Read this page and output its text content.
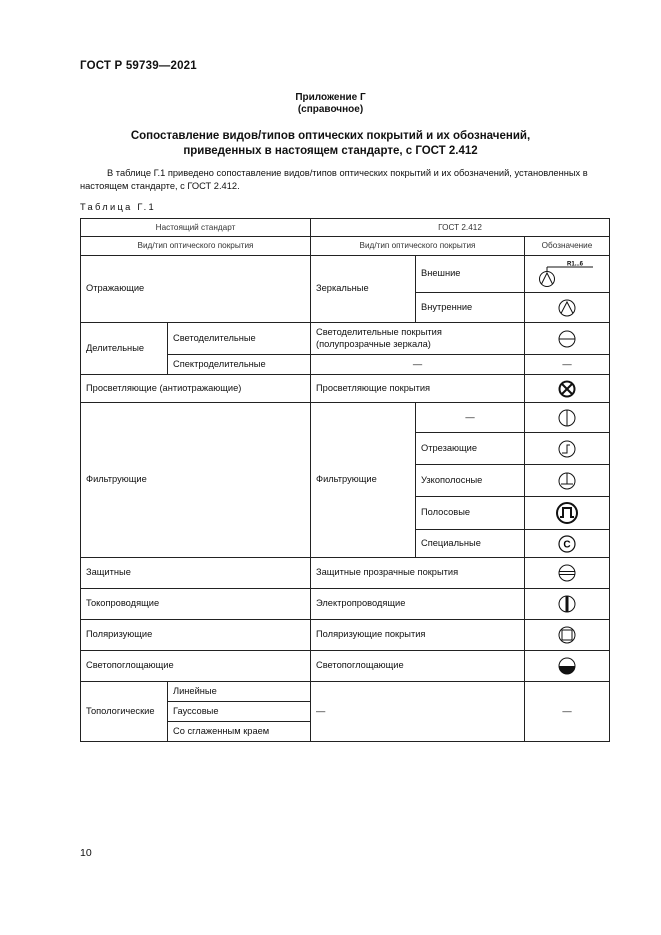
ГОСТ Р 59739—2021
Приложение Г
(справочное)
Сопоставление видов/типов оптических покрытий и их обозначений,
приведенных в настоящем стандарте, с ГОСТ 2.412
В таблице Г.1 приведено сопоставление видов/типов оптических покрытий и их обозначений, установленных в настоящем стандарте, с ГОСТ 2.412.
Таблица Г.1
Настоящий стандарт		ГОСТ 2.412		
Вид/тип оптического покрытия		Вид/тип оптического покрытия		Обозначение
Отражающие		Зеркальные	Внешние	R1...6

			Внутренние	

Делительные	Светоделительные	Светоделительные покрытия (полупрозрачные зеркала)	

	Спектроделительные	—		—
Просветляющие (антиотражающие)		Просветляющие покрытия	

Фильтрующие		Фильтрующие	—	

			Отрезающие	

			Узкополосные	

			Полосовые	

			Специальные	С

Защитные		Защитные прозрачные покрытия	

Токопроводящие		Электропроводящие	

Поляризующие		Поляризующие покрытия	

Светопоглощающие		Светопоглощающие	

Топологические	Линейные	—		—
	Гауссовые			
	Со сглаженным краем			
10
